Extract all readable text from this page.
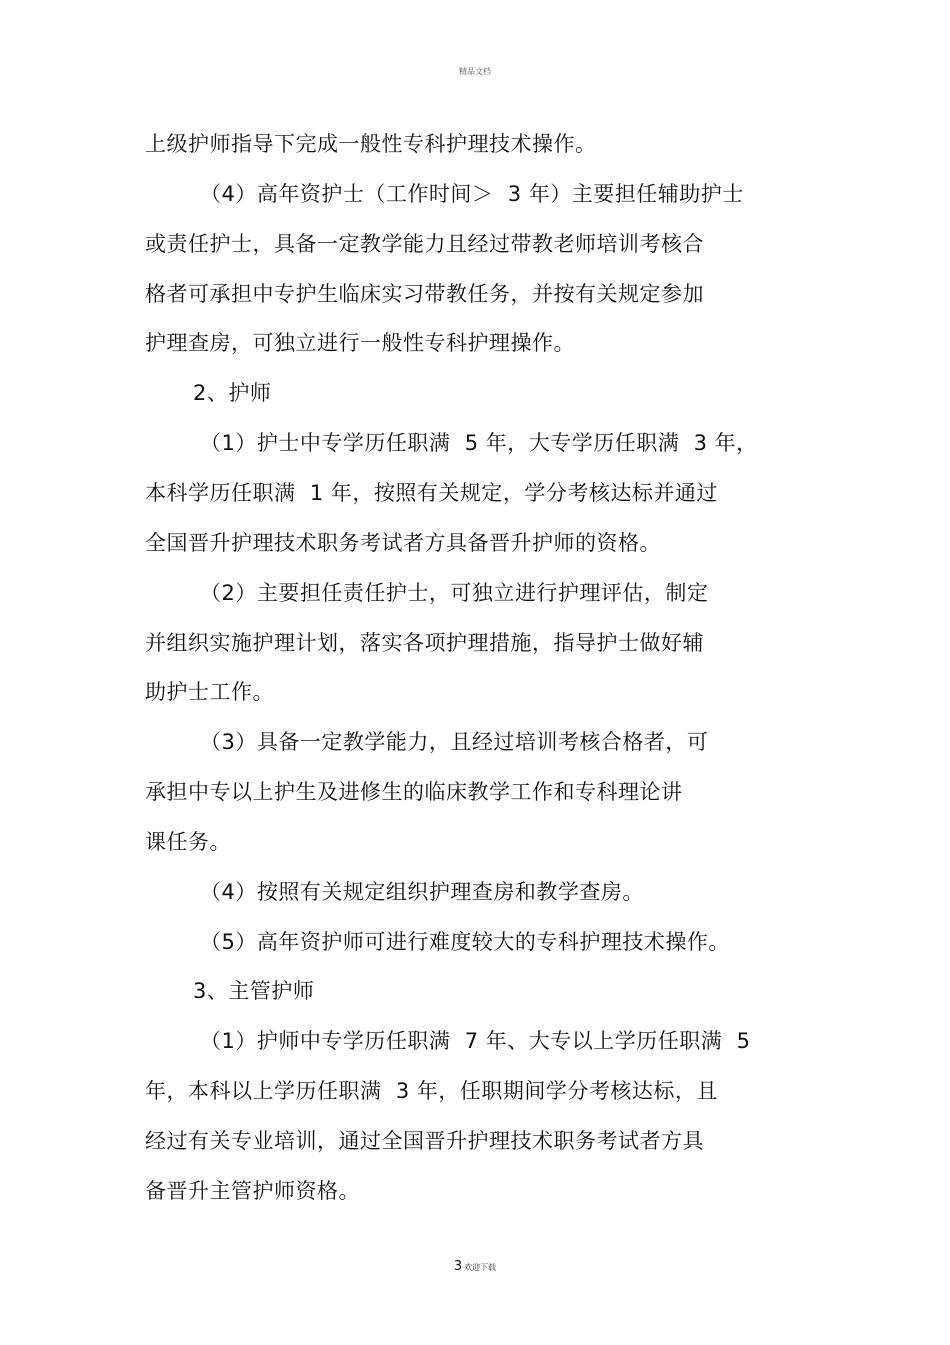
精品文档
上级护师指导下完成一般性专科护理技术操作。
（4）高年资护士（工作时间＞  3 年）主要担任辅助护士
或责任护士，具备一定教学能力且经过带教老师培训考核合
格者可承担中专护生临床实习带教任务，并按有关规定参加
护理查房，可独立进行一般性专科护理操作。
2、护师
（1）护士中专学历任职满  5 年，大专学历任职满  3 年，
本科学历任职满  1 年，按照有关规定，学分考核达标并通过
全国晋升护理技术职务考试者方具备晋升护师的资格。
（2）主要担任责任护士，可独立进行护理评估，制定
并组织实施护理计划，落实各项护理措施，指导护士做好辅
助护士工作。
（3）具备一定教学能力，且经过培训考核合格者，可
承担中专以上护生及进修生的临床教学工作和专科理论讲
课任务。
（4）按照有关规定组织护理查房和教学查房。
（5）高年资护师可进行难度较大的专科护理技术操作。
3、主管护师
（1）护师中专学历任职满  7 年、大专以上学历任职满  5
年，本科以上学历任职满  3 年，任职期间学分考核达标，且
经过有关专业培训，通过全国晋升护理技术职务考试者方具
备晋升主管护师资格。
3 欢迎下载
